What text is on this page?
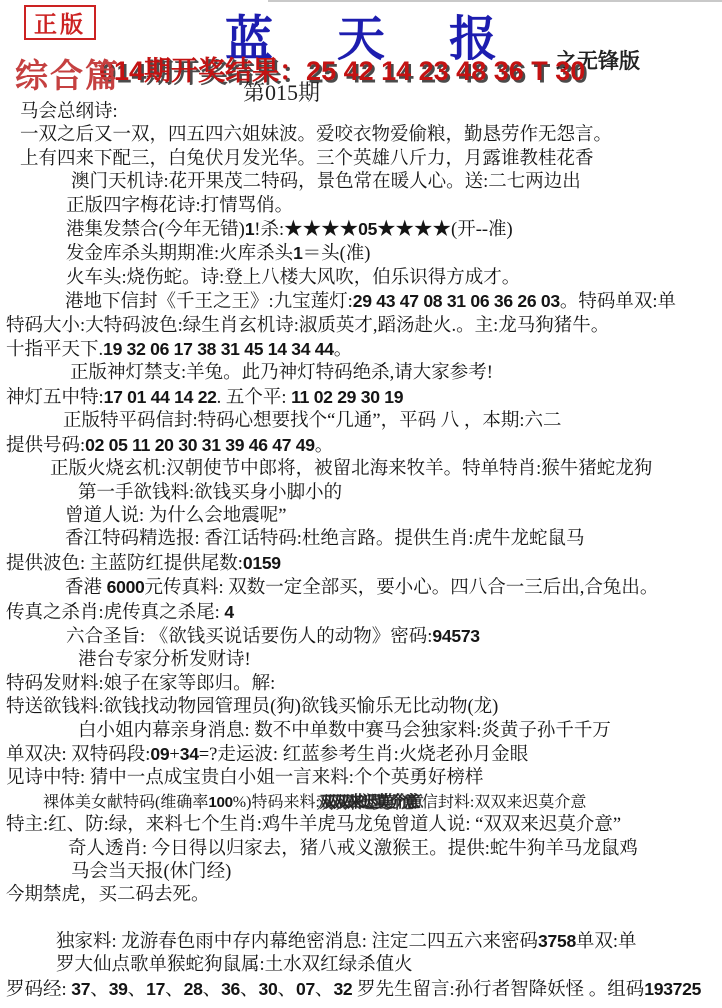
正版	蓝 天 报	之无锋版
014期开奖结果：25 42 14 23 48 36 T 30
综合篇	第015期
马会总纲诗:
一双之后又一双，四五四六姐妹波。爱咬衣物爱偷粮，勤恳劳作无怨言。
上有四来下配三，白兔伏月发光华。三个英雄八斤力，月露谁教桂花香
澳门天机诗:花开果茂二特码，景色常在暖人心。送:二七两边出
正版四字梅花诗:打情骂俏。
港集发禁合(今年无错)1!杀:★★★★05★★★★(开--准)
发金库杀头期期准:火库杀头1＝头(准)
火车头:烧伤蛇。诗:登上八楼大风吹，伯乐识得方成才。
港地下信封《千王之王》:九宝莲灯:29 43 47 08 31 06 36 26 03。特码单双:单
特码大小:大特码波色:绿生肖玄机诗:淑质英才,蹈汤赴火.。主:龙马狗猪牛。
十指平天下.19 32 06 17 38 31 45 14 34 44。
正版神灯禁支:羊兔。此乃神灯特码绝杀,请大家参考!
神灯五中特:17 01 44 14 22. 五个平: 11 02 29 30 19
正版特平码信封:特码心想要找个“几通”，平码 八 ，本期:六二
提供号码:02 05 11 20 30 31 39 46 47 49。
正版火烧玄机:汉朝使节中郎将，被留北海来牧羊。特单特肖:猴牛猪蛇龙狗
第一手欲钱料:欲钱买身小脚小的
曾道人说: 为什么会地震呢”
香江特码精选报: 香江话特码:杜绝言路。提供生肖:虎牛龙蛇鼠马
提供波色: 主蓝防红提供尾数:0159
香港 6000元传真料: 双数一定全部买，要小心。四八合一三后出,合兔出。
传真之杀肖:虎传真之杀尾: 4
六合圣旨: 《欲钱买说话要伤人的动物》密码:94573
港台专家分析发财诗!
特码发财料:娘子在家等郎归。解:
特送欲钱料:欲钱找动物园管理员(狗)欲钱买愉乐无比动物(龙)
白小姐内幕亲身消息: 数不中单数中赛马会独家料:炎黄子孙千千万
单双决: 双特码段:09+34=?走运波: 红蓝参考生肖:火烧老孙月金眼
见诗中特: 猜中一点成宝贵白小姐一言来料:个个英勇好榜样
裸体美女献特码(维确率100%)特码来料:双双来迟莫介意 信封料:双双来迟莫介意
特主:红、防:绿，来料七个生肖:鸡牛羊虎马龙兔曾道人说: “双双来迟莫介意”
奇人透肖: 今日得以归家去，猪八戒义激猴王。提供:蛇牛狗羊马龙鼠鸡
马会当天报(休门经)
今期禁虎，买二码去死。
独家料: 龙游春色雨中存内幕绝密消息: 注定二四五六来密码3758单双:单
罗大仙点歌单猴蛇狗鼠属:土水双红绿杀值火
罗码经: 37、39、17、28、36、30、07、32 罗先生留言:孙行者智降妖怪 。组码193725
